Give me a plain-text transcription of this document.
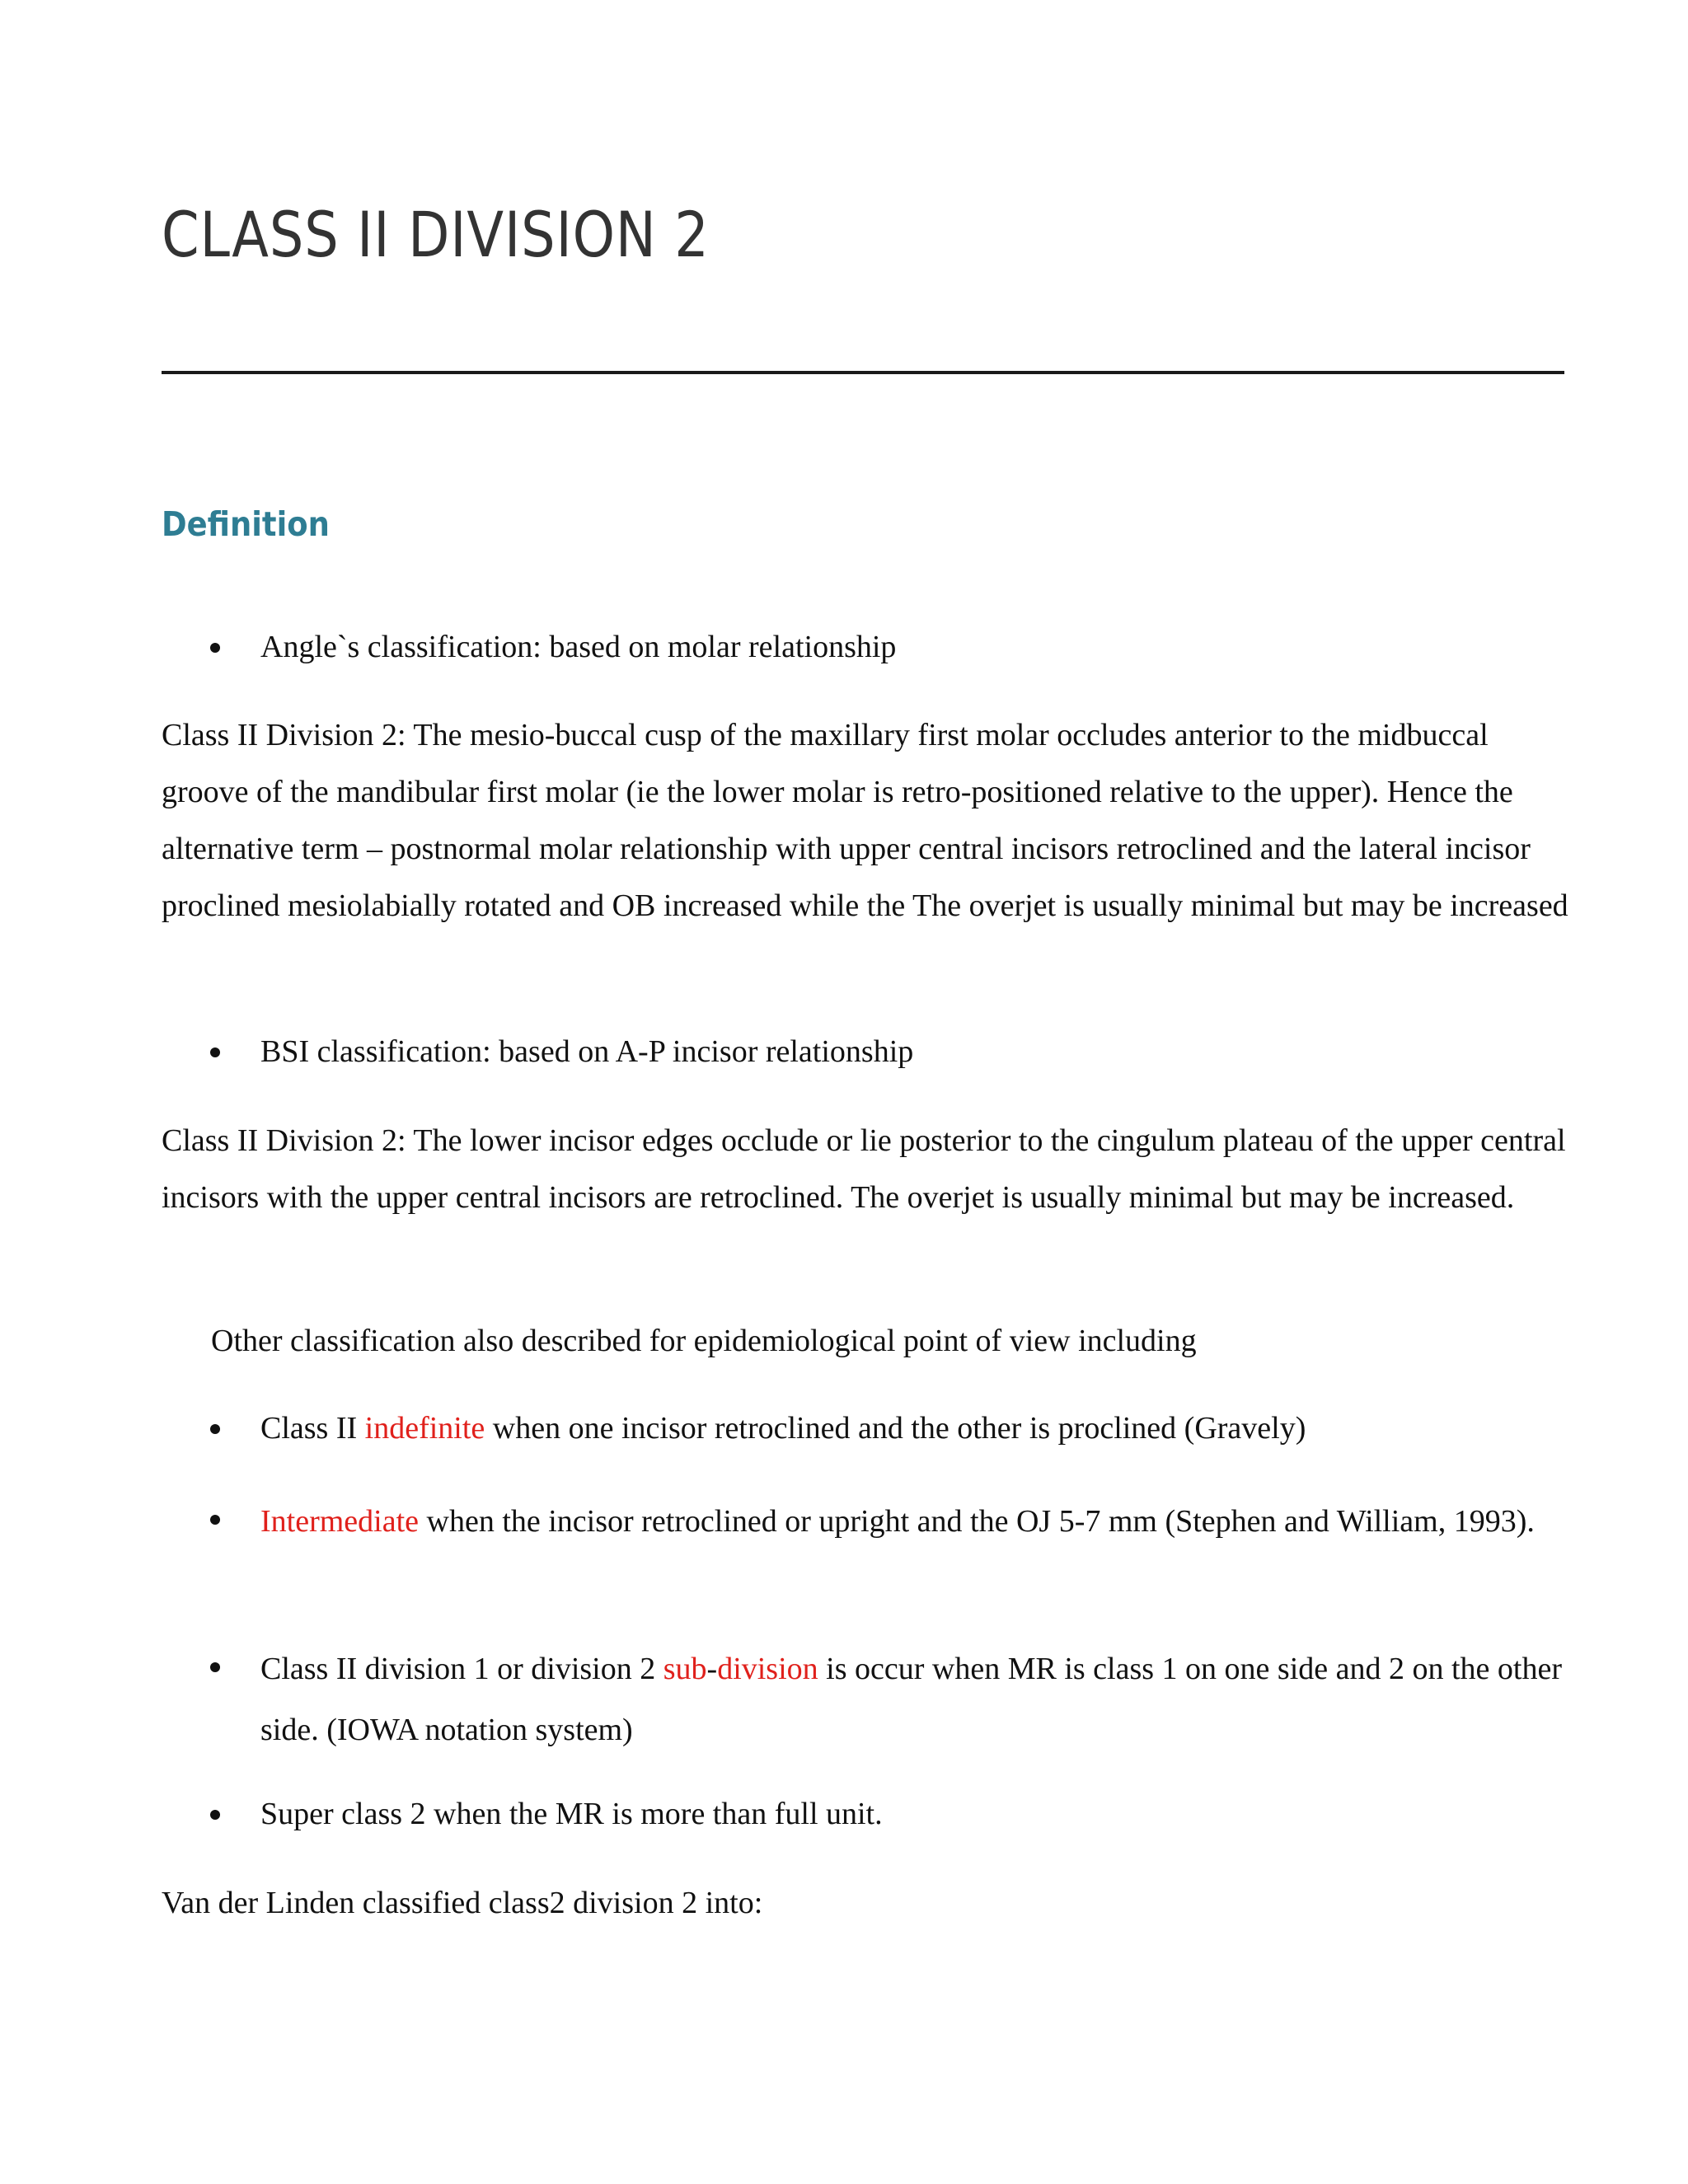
CLASS II DIVISION 2
Definition

Angle`s classification: based on molar relationship

Class II Division 2: The mesio-buccal cusp of the maxillary first molar occludes anterior to the midbuccal groove of the mandibular first molar (ie the lower molar is retro-positioned relative to the upper). Hence the alternative term – postnormal molar relationship with upper central incisors retroclined and the lateral incisor proclined mesiolabially rotated and OB increased while the The overjet is usually minimal but may be increased

BSI classification: based on A-P incisor relationship

Class II Division 2: The lower incisor edges occlude or lie posterior to the cingulum plateau of the upper central incisors with the upper central incisors are retroclined. The overjet is usually minimal but may be increased.

Other classification also described for epidemiological point of view including

Class II indefinite when one incisor retroclined and the other is proclined (Gravely)

Intermediate when the incisor retroclined or upright and the OJ 5-7 mm (Stephen and William, 1993).

Class II division 1 or division 2 sub-division is occur when MR is class 1 on one side and 2 on the other side. (IOWA notation system)

Super class 2 when the MR is more than full unit.

Van der Linden classified class2 division 2 into:
